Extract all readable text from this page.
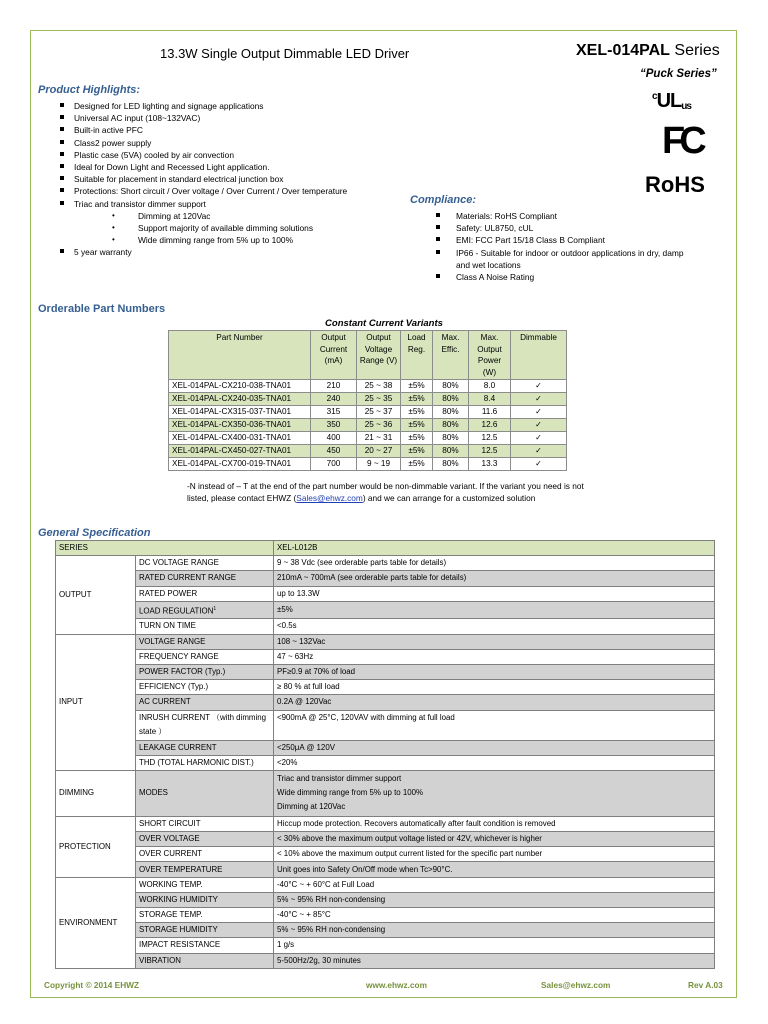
13.3W Single Output Dimmable LED Driver	XEL-014PAL Series
“Puck Series”
$^c$ULus
FC
RoHS
Product Highlights:
Designed for LED lighting and signage applications
Universal AC input (108~132VAC)
Built-in active PFC
Class2 power supply
Plastic case (5VA) cooled by air convection
Ideal for Down Light and Recessed Light application.
Suitable for placement in standard electrical junction box
Protections: Short circuit / Over voltage / Over Current / Over temperature
Triac and transistor dimmer support
• Dimming at 120Vac
• Support majority of available dimming solutions
• Wide dimming range from 5% up to 100%
5 year warranty
Compliance:
Materials: RoHS Compliant
Safety: UL8750, cUL
EMI: FCC Part 15/18 Class B Compliant
IP66 - Suitable for indoor or outdoor applications in dry, damp and wet locations
Class A Noise Rating
Orderable Part Numbers
Constant Current Variants
Part Number	Output Current (mA)	Output Voltage Range (V)	Load Reg.	Max. Effic.	Max. Output Power (W)	Dimmable
XEL-014PAL-CX210-038-TNA01	210	25 ~ 38	±5%	80%	8.0	✓
XEL-014PAL-CX240-035-TNA01	240	25 ~ 35	±5%	80%	8.4	✓
XEL-014PAL-CX315-037-TNA01	315	25 ~ 37	±5%	80%	11.6	✓
XEL-014PAL-CX350-036-TNA01	350	25 ~ 36	±5%	80%	12.6	✓
XEL-014PAL-CX400-031-TNA01	400	21 ~ 31	±5%	80%	12.5	✓
XEL-014PAL-CX450-027-TNA01	450	20 ~ 27	±5%	80%	12.5	✓
XEL-014PAL-CX700-019-TNA01	700	9 ~ 19	±5%	80%	13.3	✓
-N instead of – T at the end of the part number would be non-dimmable variant. If the variant you need is not listed, please contact EHWZ (Sales@ehwz.com) and we can arrange for a customized solution
General Specification
SERIES		XEL-L012B
OUTPUT	DC VOLTAGE RANGE	9 ~ 38 Vdc (see orderable parts table for details)
	RATED CURRENT RANGE	210mA ~ 700mA (see orderable parts table for details)
	RATED POWER	up to 13.3W
	LOAD $REGULATION^1$	±5%
	TURN ON TIME	<0.5s
INPUT	VOLTAGE RANGE	108 ~ 132Vac
	FREQUENCY RANGE	47 ~ 63Hz
	POWER FACTOR (Typ.)	PF≥0.9 at 70% of load
	EFFICIENCY (Typ.)	≥ 80 % at full load
	AC CURRENT	0.2A @ 120Vac
	INRUSH CURRENT （with dimming state ）	<900mA @ 25°C, 120VAV with dimming at full load
	LEAKAGE CURRENT	<250μA @ 120V
	THD (TOTAL HARMONIC DIST.)	<20%
DIMMING	MODES	Triac and transistor dimmer support
Wide dimming range from 5% up to 100%
Dimming at 120Vac

PROTECTION	SHORT CIRCUIT	Hiccup mode protection. Recovers automatically after fault condition is removed
	OVER VOLTAGE	< 30% above the maximum output voltage listed or 42V, whichever is higher
	OVER CURRENT	< 10% above the maximum output current listed for the specific part number
	OVER TEMPERATURE	Unit goes into Safety On/Off mode when Tc>90°C.
ENVIRONMENT	WORKING TEMP.	-40°C ~ + 60°C at Full Load
	WORKING HUMIDITY	5% ~ 95% RH non-condensing
	STORAGE TEMP.	-40°C ~ + 85°C
	STORAGE HUMIDITY	5% ~ 95% RH non-condensing
	IMPACT RESISTANCE	1 g/s
	VIBRATION	5-500Hz/2g, 30 minutes
Copyright © 2014 EHWZ	www.ehwz.com	Sales@ehwz.com	Rev A.03
